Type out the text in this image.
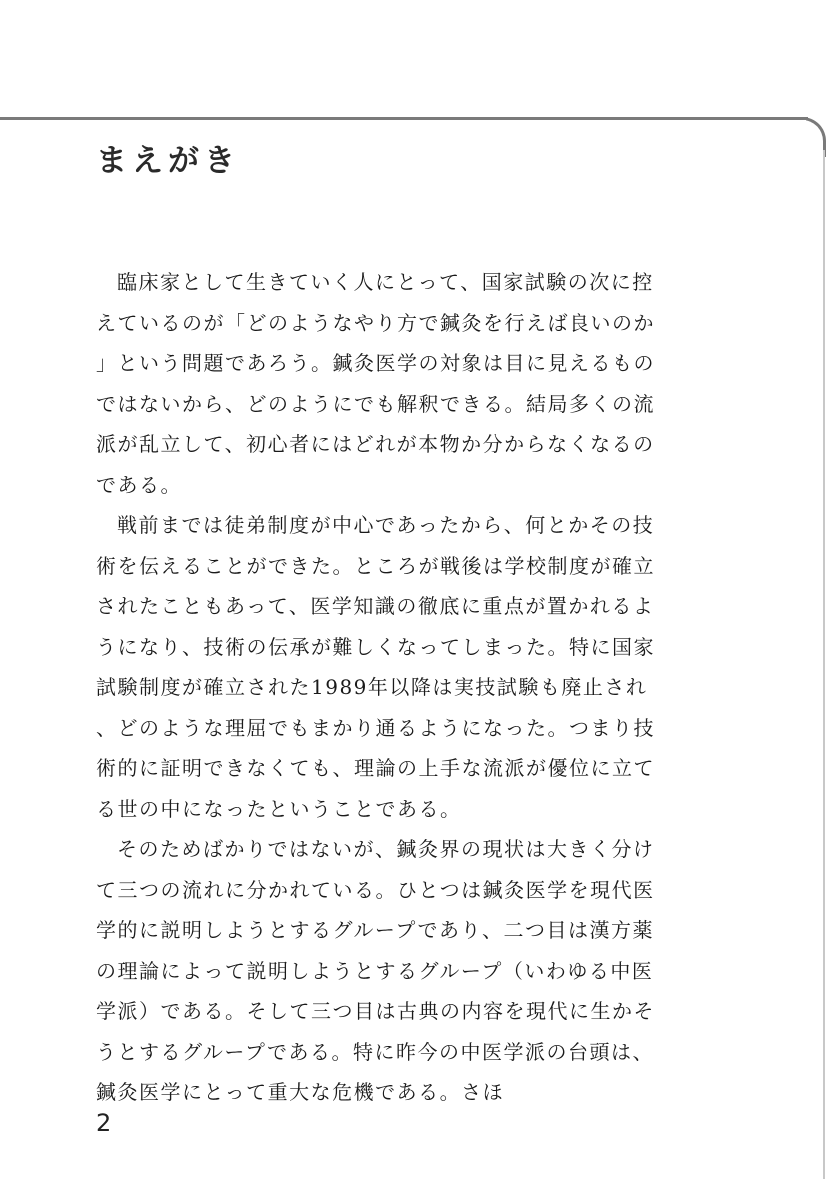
まえがき

臨床家として生きていく人にとって、国家試験の次に控えているのが「どのようなやり方で鍼灸を行えば良いのか」という問題であろう。鍼灸医学の対象は目に見えるものではないから、どのようにでも解釈できる。結局多くの流派が乱立して、初心者にはどれが本物か分からなくなるのである。

戦前までは徒弟制度が中心であったから、何とかその技術を伝えることができた。ところが戦後は学校制度が確立されたこともあって、医学知識の徹底に重点が置かれるようになり、技術の伝承が難しくなってしまった。特に国家試験制度が確立された1989年以降は実技試験も廃止され、どのような理屈でもまかり通るようになった。つまり技術的に証明できなくても、理論の上手な流派が優位に立てる世の中になったということである。

そのためばかりではないが、鍼灸界の現状は大きく分けて三つの流れに分かれている。ひとつは鍼灸医学を現代医学的に説明しようとするグループであり、二つ目は漢方薬の理論によって説明しようとするグループ（いわゆる中医学派）である。そして三つ目は古典の内容を現代に生かそうとするグループである。特に昨今の中医学派の台頭は、鍼灸医学にとって重大な危機である。さほ

2
